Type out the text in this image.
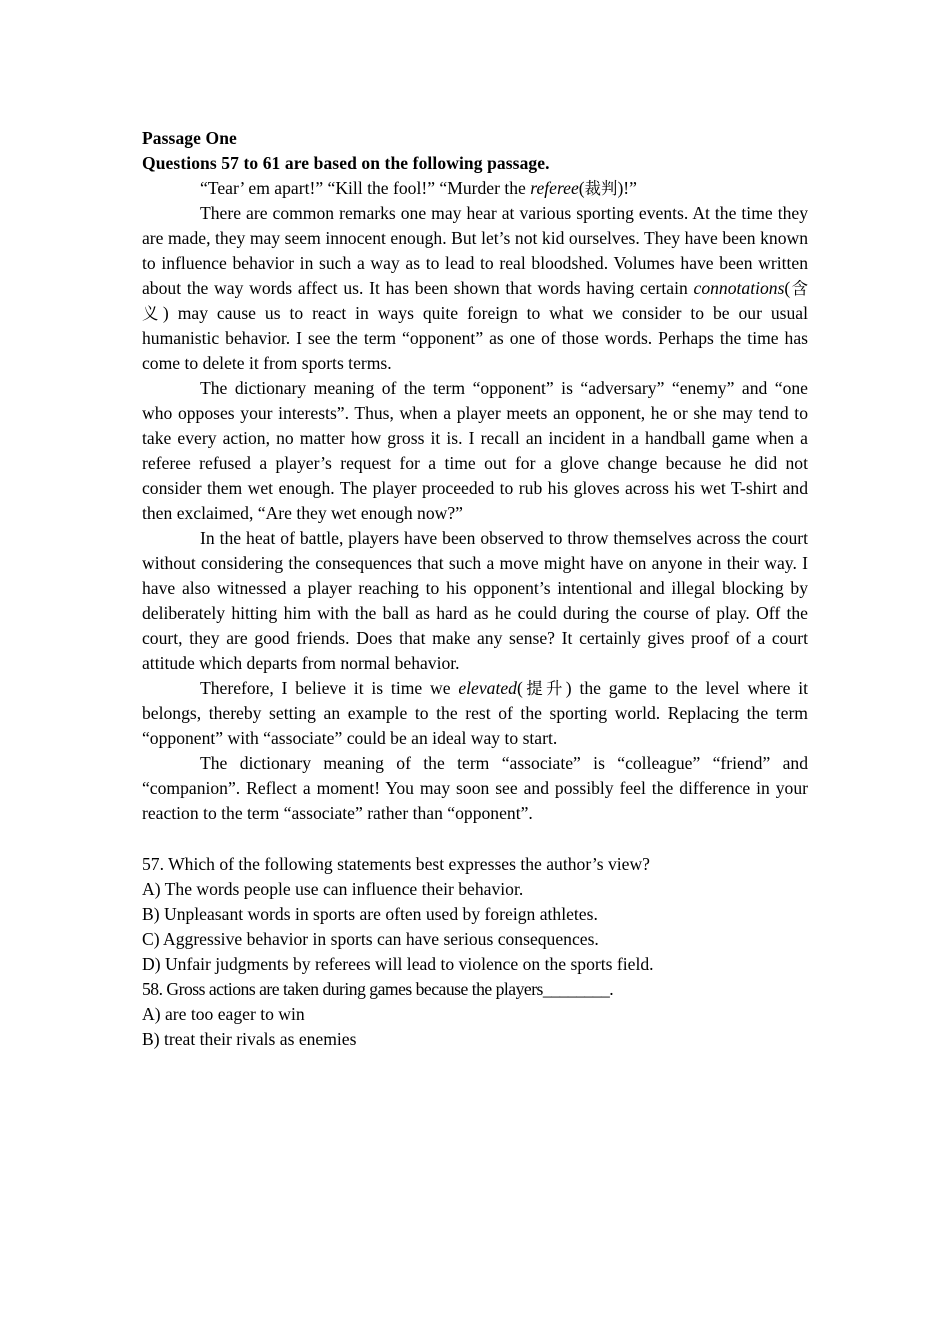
Passage One
Questions 57 to 61 are based on the following passage.

“Tear’ em apart!” “Kill the fool!” “Murder the referee(裁判)!”

There are common remarks one may hear at various sporting events. At the time they are made, they may seem innocent enough. But let’s not kid ourselves. They have been known to influence behavior in such a way as to lead to real bloodshed. Volumes have been written about the way words affect us. It has been shown that words having certain connotations(含义) may cause us to react in ways quite foreign to what we consider to be our usual humanistic behavior. I see the term “opponent” as one of those words. Perhaps the time has come to delete it from sports terms.

The dictionary meaning of the term “opponent” is “adversary” “enemy” and “one who opposes your interests”. Thus, when a player meets an opponent, he or she may tend to take every action, no matter how gross it is. I recall an incident in a handball game when a referee refused a player’s request for a time out for a glove change because he did not consider them wet enough. The player proceeded to rub his gloves across his wet T-shirt and then exclaimed, “Are they wet enough now?”

In the heat of battle, players have been observed to throw themselves across the court without considering the consequences that such a move might have on anyone in their way. I have also witnessed a player reaching to his opponent’s intentional and illegal blocking by deliberately hitting him with the ball as hard as he could during the course of play. Off the court, they are good friends. Does that make any sense? It certainly gives proof of a court attitude which departs from normal behavior.

Therefore, I believe it is time we elevated(提升) the game to the level where it belongs, thereby setting an example to the rest of the sporting world. Replacing the term “opponent” with “associate” could be an ideal way to start.

The dictionary meaning of the term “associate” is “colleague” “friend” and “companion”. Reflect a moment! You may soon see and possibly feel the difference in your reaction to the term “associate” rather than “opponent”.

57. Which of the following statements best expresses the author’s view?
A) The words people use can influence their behavior.
B) Unpleasant words in sports are often used by foreign athletes.
C) Aggressive behavior in sports can have serious consequences.
D) Unfair judgments by referees will lead to violence on the sports field.
58. Gross actions are taken during games because the players________.
A) are too eager to win
B) treat their rivals as enemies
